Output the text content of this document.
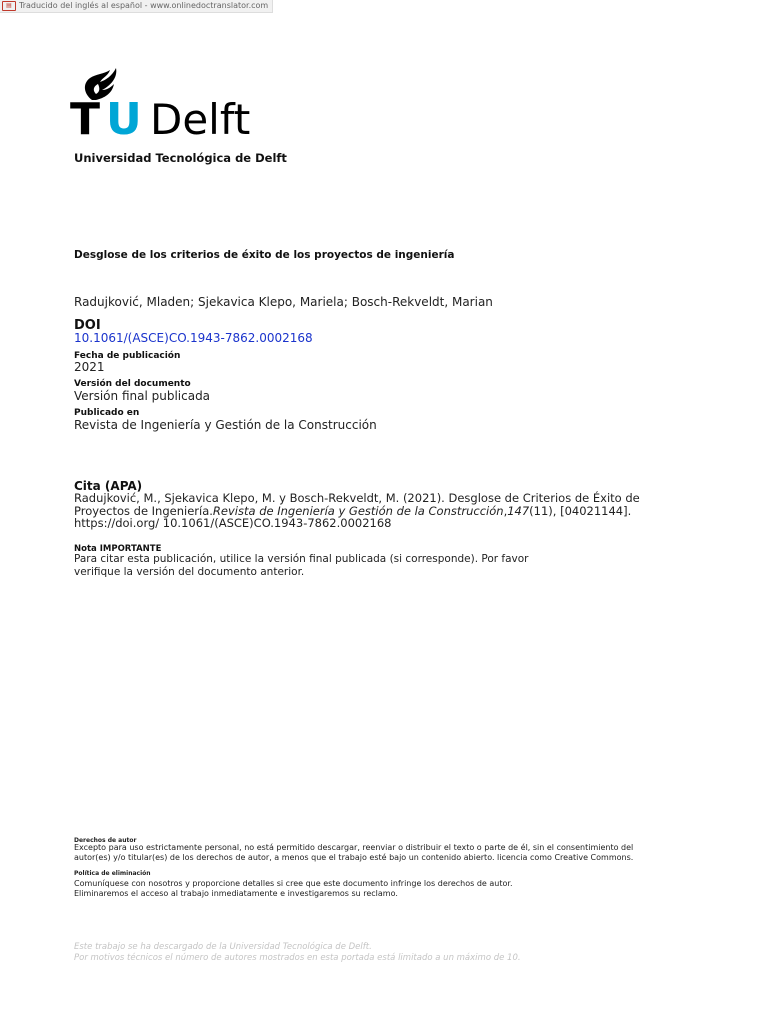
▤ Traducido del inglés al español - www.onlinedoctranslator.com
T U Delft
Universidad Tecnológica de Delft
Desglose de los criterios de éxito de los proyectos de ingeniería
Radujković, Mladen; Sjekavica Klepo, Mariela; Bosch-Rekveldt, Marian
DOI
10.1061/(ASCE)CO.1943-7862.0002168
Fecha de publicación
2021
Versión del documento
Versión final publicada
Publicado en
Revista de Ingeniería y Gestión de la Construcción
Cita (APA)
Radujković, M., Sjekavica Klepo, M. y Bosch-Rekveldt, M. (2021). Desglose de Criterios de Éxito de Proyectos de Ingeniería.Revista de Ingeniería y Gestión de la Construcción,147(11), [04021144]. https://doi.org/ 10.1061/(ASCE)CO.1943-7862.0002168
Nota IMPORTANTE
Para citar esta publicación, utilice la versión final publicada (si corresponde). Por favor
verifique la versión del documento anterior.
Derechos de autor
Excepto para uso estrictamente personal, no está permitido descargar, reenviar o distribuir el texto o parte de él, sin el consentimiento del
autor(es) y/o titular(es) de los derechos de autor, a menos que el trabajo esté bajo un contenido abierto. licencia como Creative Commons.
Política de eliminación
Comuníquese con nosotros y proporcione detalles si cree que este documento infringe los derechos de autor.
Eliminaremos el acceso al trabajo inmediatamente e investigaremos su reclamo.
Este trabajo se ha descargado de la Universidad Tecnológica de Delft.
Por motivos técnicos el número de autores mostrados en esta portada está limitado a un máximo de 10.
